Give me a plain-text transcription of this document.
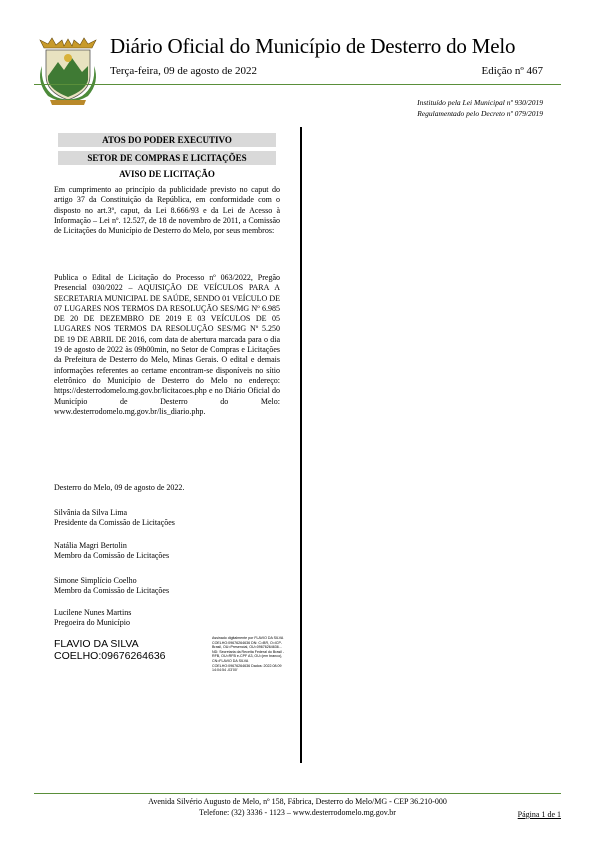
Diário Oficial do Município de Desterro do Melo
Terça-feira, 09 de agosto de 2022	Edição nº 467
Instituído pela Lei Municipal nº 930/2019
Regulamentado pelo Decreto nº 079/2019
ATOS DO PODER EXECUTIVO
SETOR DE COMPRAS E LICITAÇÕES
AVISO DE LICITAÇÃO
Em cumprimento ao princípio da publicidade previsto no caput do artigo 37 da Constituição da República, em conformidade com o disposto no art.3º, caput, da Lei 8.666/93 e da Lei de Acesso à Informação – Lei nº. 12.527, de 18 de novembro de 2011, a Comissão de Licitações do Município de Desterro do Melo, por seus membros:
Publica o Edital de Licitação do Processo nº 063/2022, Pregão Presencial 030/2022 – AQUISIÇÃO DE VEÍCULOS PARA A SECRETARIA MUNICIPAL DE SAÚDE, SENDO 01 VEÍCULO DE 07 LUGARES NOS TERMOS DA RESOLUÇÃO SES/MG Nº 6.985 DE 20 DE DEZEMBRO DE 2019 E 03 VEÍCULOS DE 05 LUGARES NOS TERMOS DA RESOLUÇÃO SES/MG Nº 5.250 DE 19 DE ABRIL DE 2016, com data de abertura marcada para o dia 19 de agosto de 2022 às 09h00min, no Setor de Compras e Licitações da Prefeitura de Desterro do Melo, Minas Gerais. O edital e demais informações referentes ao certame encontram-se disponíveis no sítio eletrônico do Município de Desterro do Melo no endereço: https://desterrodomelo.mg.gov.br/licitacoes.php e no Diário Oficial do Município de Desterro do Melo: www.desterrodomelo.mg.gov.br/lis_diario.php.
Desterro do Melo, 09 de agosto de 2022.
Silvânia da Silva Lima
Presidente da Comissão de Licitações
Natália Magri Bertolin
Membro da Comissão de Licitações
Simone Simplício Coelho
Membro da Comissão de Licitações
Lucilene Nunes Martins
Pregoeira do Município
FLAVIO DA SILVA
COELHO:09676264636
Assinado digitalmente por FLAVIO DA SILVA COELHO:09676264636 DN: C=BR, O=ICP-Brasil, OU=Presencial, OU=09676264636... ND: Secretaria da Receita Federal do Brasil - RFB, OU=RFB e-CPF A3, OU=(em branco), CN=FLAVIO DA SILVA COELHO:09676264636 Dados: 2022.08.09 14:04:54 -03'00'
Avenida Silvério Augusto de Melo, nº 158, Fábrica, Desterro do Melo/MG - CEP 36.210-000
Telefone: (32) 3336 - 1123 – www.desterrodomelo.mg.gov.br	Página 1 de 1
